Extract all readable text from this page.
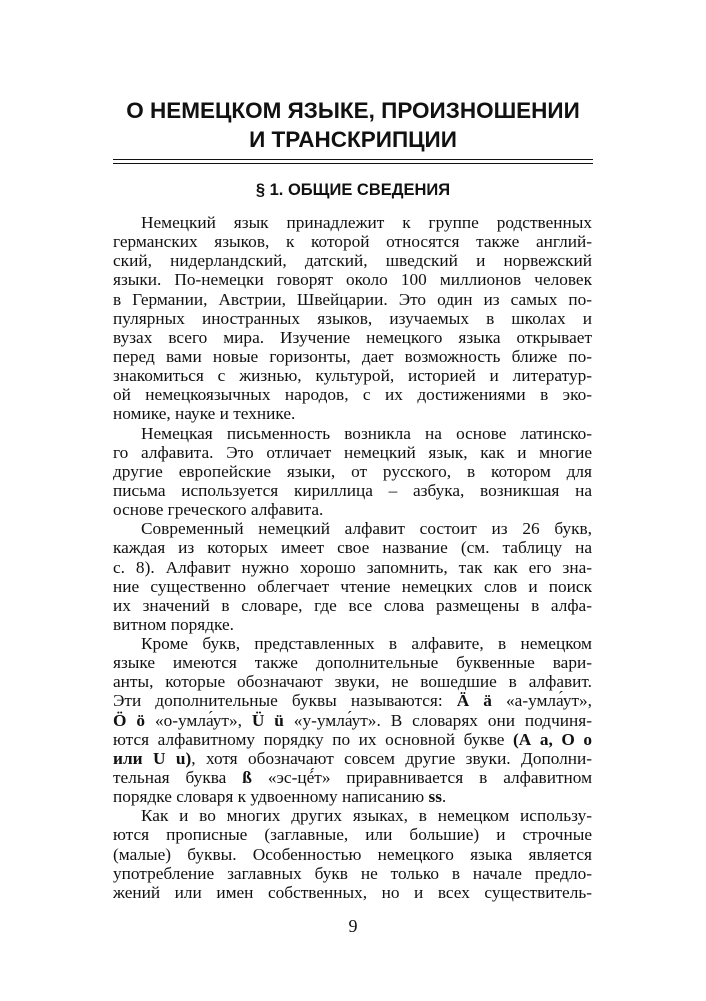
О НЕМЕЦКОМ ЯЗЫКЕ, ПРОИЗНОШЕНИИ
И ТРАНСКРИПЦИИ
§ 1. ОБЩИЕ СВЕДЕНИЯ
Немецкий язык принадлежит к группе родственных
германских языков, к которой относятся также англий-
ский, нидерландский, датский, шведский и норвежский
языки. По-немецки говорят около 100 миллионов человек
в Германии, Австрии, Швейцарии. Это один из самых по-
пулярных иностранных языков, изучаемых в школах и
вузах всего мира. Изучение немецкого языка открывает
перед вами новые горизонты, дает возможность ближе по-
знакомиться с жизнью, культурой, историей и литератур-
ой немецкоязычных народов, с их достижениями в эко-
номике, науке и технике.
Немецкая письменность возникла на основе латинско-
го алфавита. Это отличает немецкий язык, как и многие
другие европейские языки, от русского, в котором для
письма используется кириллица – азбука, возникшая на
основе греческого алфавита.
Современный немецкий алфавит состоит из 26 букв,
каждая из которых имеет свое название (см. таблицу на
с. 8). Алфавит нужно хорошо запомнить, так как его зна-
ние существенно облегчает чтение немецких слов и поиск
их значений в словаре, где все слова размещены в алфа-
витном порядке.
Кроме букв, представленных в алфавите, в немецком
языке имеются также дополнительные буквенные вари-
анты, которые обозначают звуки, не вошедшие в алфавит.
Эти дополнительные буквы называются: Ä ä «а-умла́ут»,
Ö ö «о-умла́ут», Ü ü «у-умла́ут». В словарях они подчиня-
ются алфавитному порядку по их основной букве (А а, О о
или U u), хотя обозначают совсем другие звуки. Дополни-
тельная буква ß «эс-цé́т» приравнивается в алфавитном
порядке словаря к удвоенному написанию ss.
Как и во многих других языках, в немецком использу-
ются прописные (заглавные, или большие) и строчные
(малые) буквы. Особенностью немецкого языка является
употребление заглавных букв не только в начале предло-
жений или имен собственных, но и всех существитель-
9
